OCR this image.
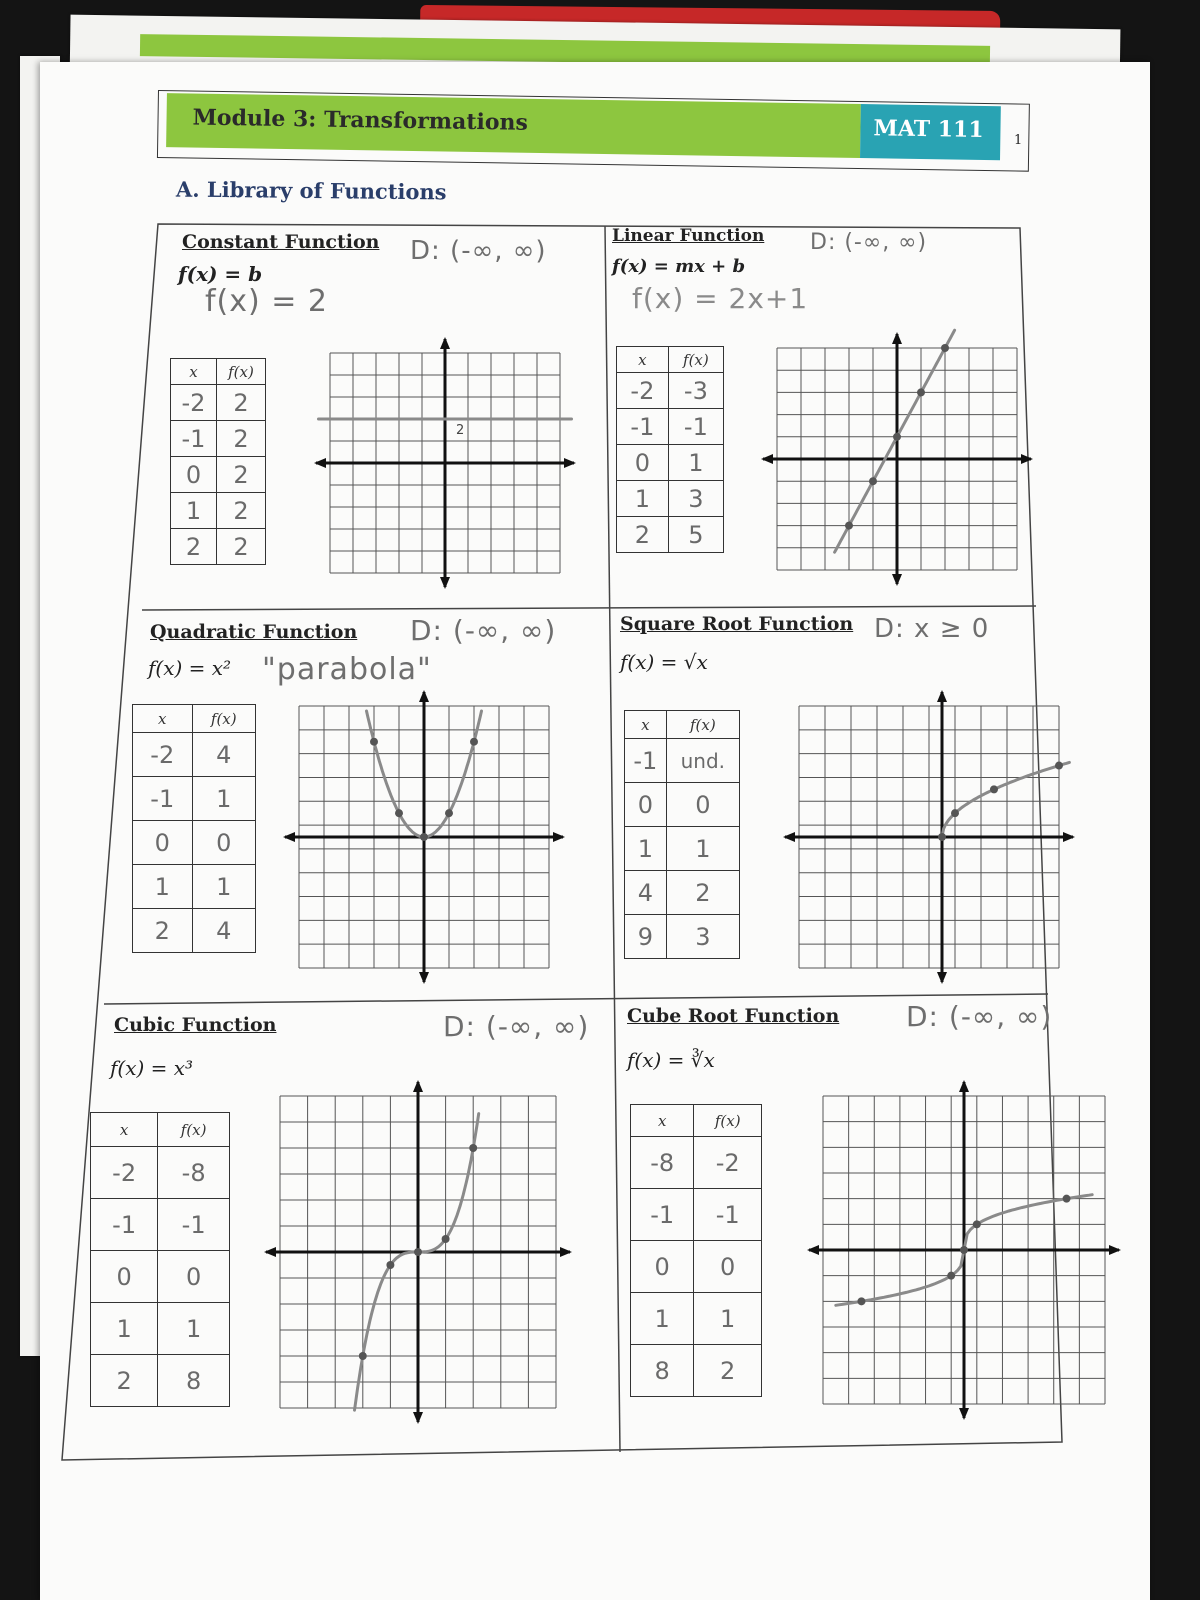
Module 3: Transformations	MAT 111 1
A. Library of Functions
Constant Function
f(x) = b
D: (-∞, ∞)
f(x) = 2
x	f(x)
-2	2
-1	2
0	2
1	2
2	2
2
Linear Function
f(x) = mx + b
D: (-∞, ∞)
f(x) = 2x+1
x	f(x)
-2	-3
-1	-1
0	1
1	3
2	5
Quadratic Function
f(x) = x²
D: (-∞, ∞)
"parabola"
x	f(x)
-2	4
-1	1
0	0
1	1
2	4
Square Root Function
f(x) = √x
D: x ≥ 0
x	f(x)
-1	und.
0	0
1	1
4	2
9	3
Cubic Function
f(x) = x³
D: (-∞, ∞)
x	f(x)
-2	-8
-1	-1
0	0
1	1
2	8
Cube Root Function
f(x) = ∛x
D: (-∞, ∞)
x	f(x)
-8	-2
-1	-1
0	0
1	1
8	2
